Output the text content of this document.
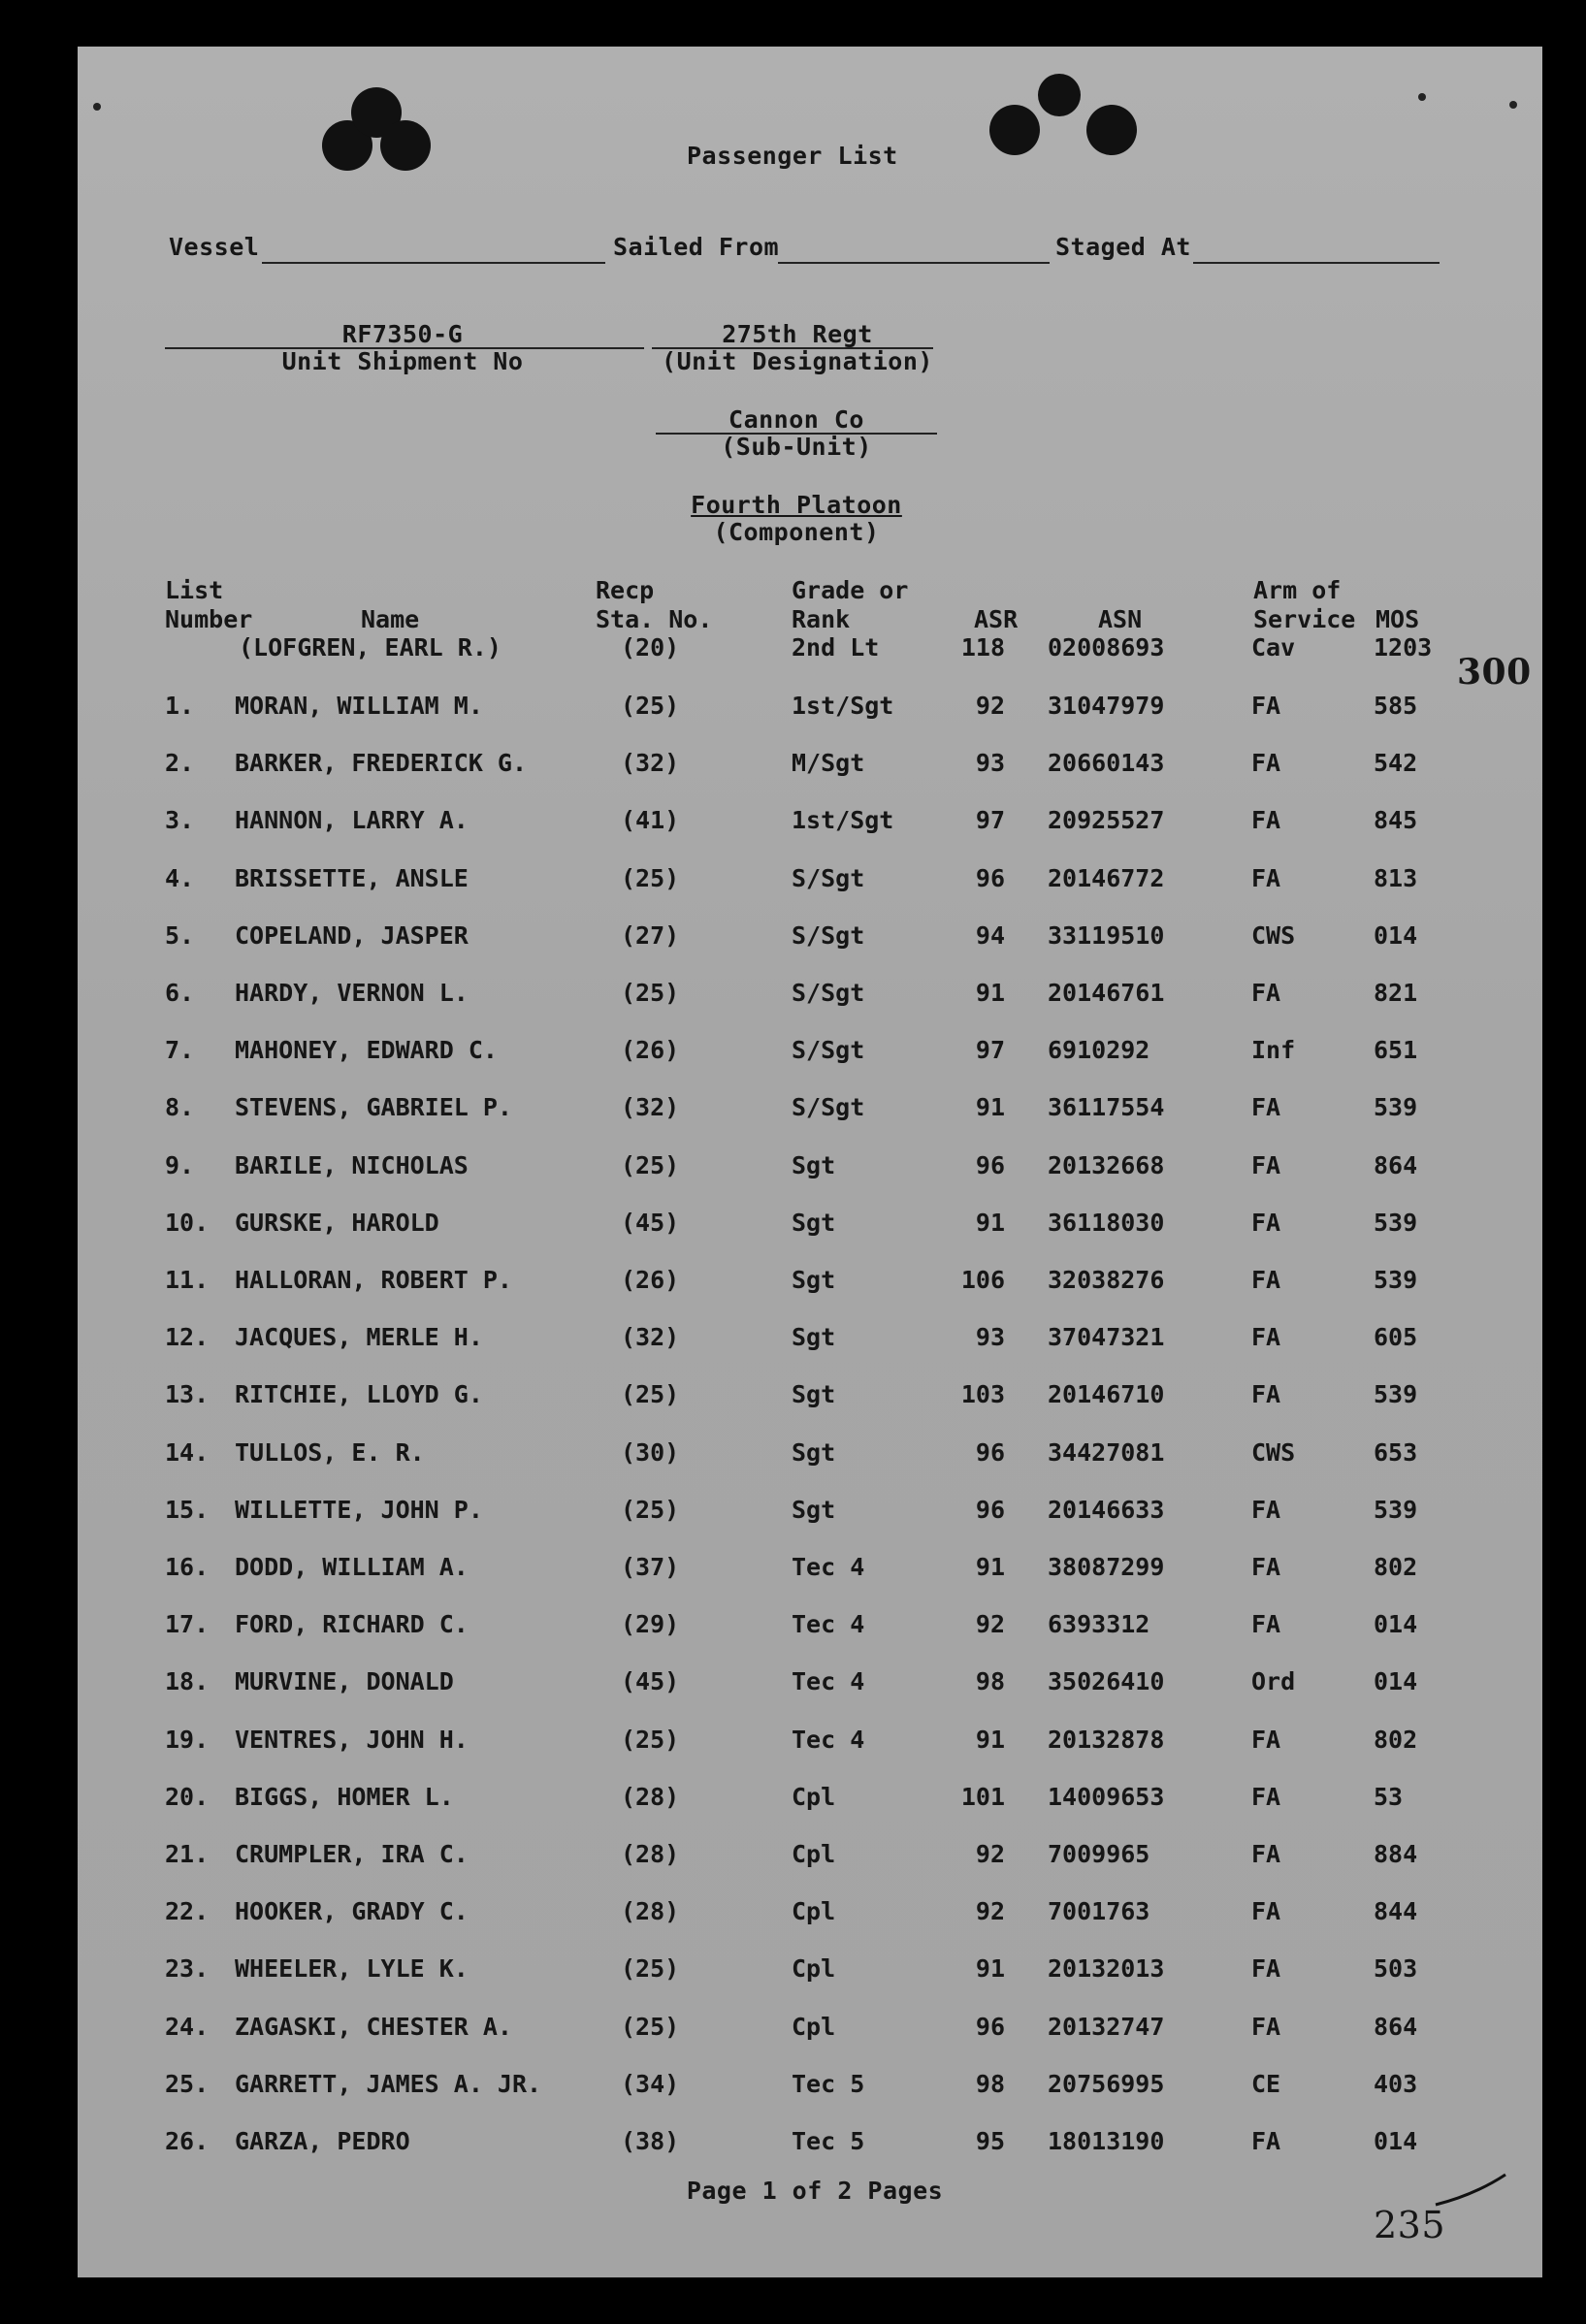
Passenger List
Vessel	Sailed From	Staged At
RF7350-G
Unit Shipment No
275th Regt
(Unit Designation)
Cannon Co
(Sub-Unit)
Fourth Platoon
(Component)
300
List
Number	Name
Recp
Sta. No.
Grade or
Rank	ASR	ASN
Arm of
Service MOS
(LOFGREN, EARL R.)	(20)	2nd Lt	118 02008693	Cav	1203
1. MORAN, WILLIAM M.	(25)	1st/Sgt	92 31047979	FA	585
2. BARKER, FREDERICK G.	(32)	M/Sgt	93 20660143	FA	542
3. HANNON, LARRY A.	(41)	1st/Sgt	97 20925527	FA	845
4. BRISSETTE, ANSLE	(25)	S/Sgt	96 20146772	FA	813
5. COPELAND, JASPER	(27)	S/Sgt	94 33119510	CWS	014
6. HARDY, VERNON L.	(25)	S/Sgt	91 20146761	FA	821
7. MAHONEY, EDWARD C.	(26)	S/Sgt	97 6910292	Inf	651
8. STEVENS, GABRIEL P.	(32)	S/Sgt	91 36117554	FA	539
9. BARILE, NICHOLAS	(25)	Sgt	96 20132668	FA	864
10. GURSKE, HAROLD	(45)	Sgt	91 36118030	FA	539
11. HALLORAN, ROBERT P.	(26)	Sgt	106 32038276	FA	539
12. JACQUES, MERLE H.	(32)	Sgt	93 37047321	FA	605
13. RITCHIE, LLOYD G.	(25)	Sgt	103 20146710	FA	539
14. TULLOS, E. R.	(30)	Sgt	96 34427081	CWS	653
15. WILLETTE, JOHN P.	(25)	Sgt	96 20146633	FA	539
16. DODD, WILLIAM A.	(37)	Tec 4	91 38087299	FA	802
17. FORD, RICHARD C.	(29)	Tec 4	92 6393312	FA	014
18. MURVINE, DONALD	(45)	Tec 4	98 35026410	Ord	014
19. VENTRES, JOHN H.	(25)	Tec 4	91 20132878	FA	802
20. BIGGS, HOMER L.	(28)	Cpl	101 14009653	FA	53
21. CRUMPLER, IRA C.	(28)	Cpl	92 7009965	FA	884
22. HOOKER, GRADY C.	(28)	Cpl	92 7001763	FA	844
23. WHEELER, LYLE K.	(25)	Cpl	91 20132013	FA	503
24. ZAGASKI, CHESTER A.	(25)	Cpl	96 20132747	FA	864
25. GARRETT, JAMES A. JR.	(34)	Tec 5	98 20756995	CE	403
26. GARZA, PEDRO	(38)	Tec 5	95 18013190	FA	014
Page 1 of 2 Pages
235
